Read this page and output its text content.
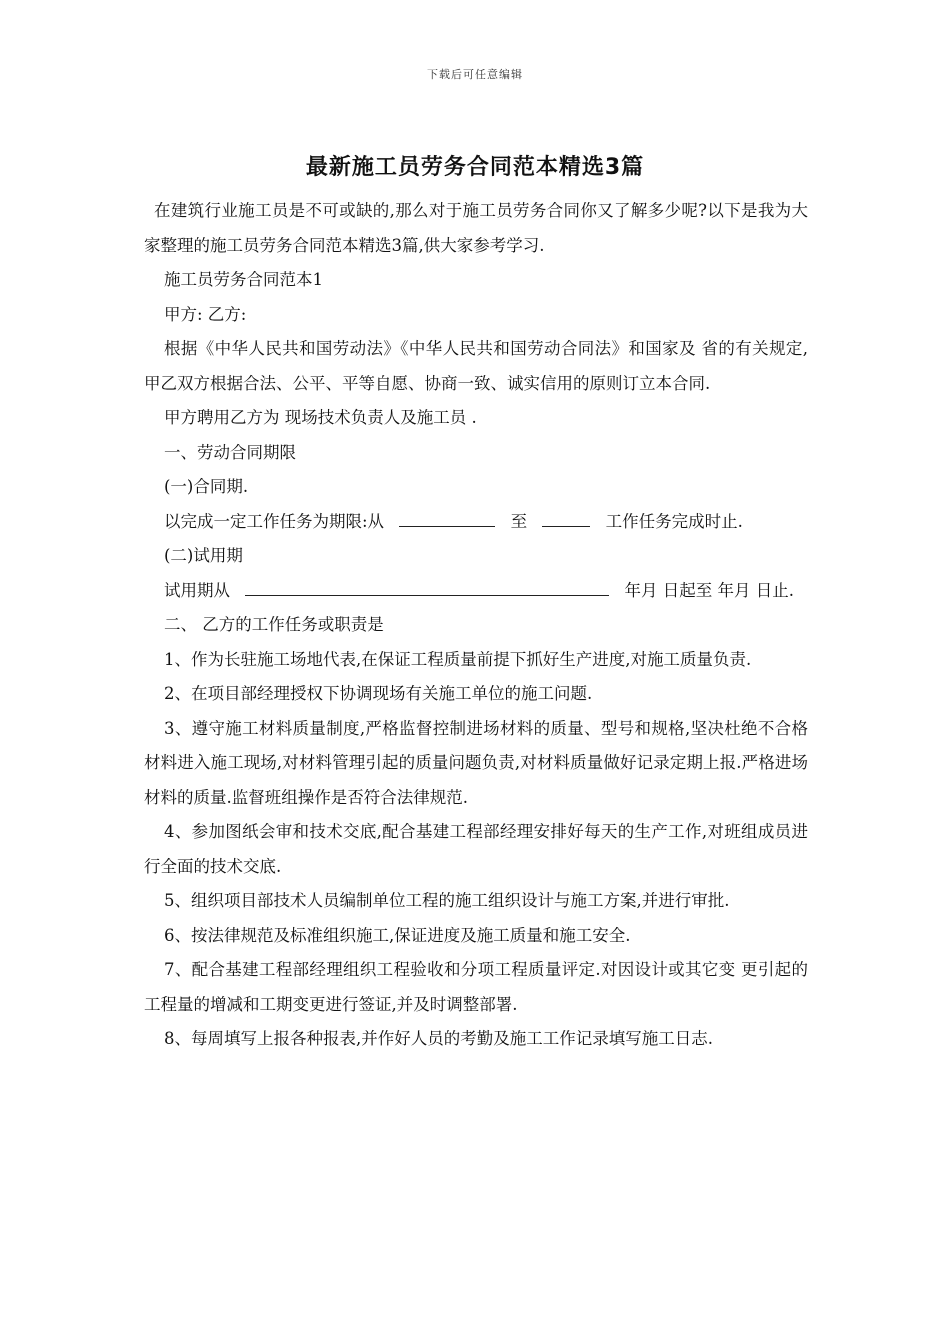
下载后可任意编辑
最新施工员劳务合同范本精选3篇

在建筑行业施工员是不可或缺的,那么对于施工员劳务合同你又了解多少呢?以下是我为大家整理的施工员劳务合同范本精选3篇,供大家参考学习.

施工员劳务合同范本1

甲方: 乙方:

根据《中华人民共和国劳动法》《中华人民共和国劳动合同法》和国家及 省的有关规定,甲乙双方根据合法、公平、平等自愿、协商一致、诚实信用的原则订立本合同.

甲方聘用乙方为 现场技术负责人及施工员 .

一、劳动合同期限

(一)合同期.

以完成一定工作任务为期限:从	至	工作任务完成时止.

(二)试用期

试用期从	年月 日起至 年月 日止.

二、 乙方的工作任务或职责是

1、作为长驻施工场地代表,在保证工程质量前提下抓好生产进度,对施工质量负责.

2、在项目部经理授权下协调现场有关施工单位的施工问题.

3、遵守施工材料质量制度,严格监督控制进场材料的质量、型号和规格,坚决杜绝不合格材料进入施工现场,对材料管理引起的质量问题负责,对材料质量做好记录定期上报.严格进场材料的质量.监督班组操作是否符合法律规范.

4、参加图纸会审和技术交底,配合基建工程部经理安排好每天的生产工作,对班组成员进行全面的技术交底.

5、组织项目部技术人员编制单位工程的施工组织设计与施工方案,并进行审批.

6、按法律规范及标准组织施工,保证进度及施工质量和施工安全.

7、配合基建工程部经理组织工程验收和分项工程质量评定.对因设计或其它变 更引起的工程量的增减和工期变更进行签证,并及时调整部署.

8、每周填写上报各种报表,并作好人员的考勤及施工工作记录填写施工日志.
